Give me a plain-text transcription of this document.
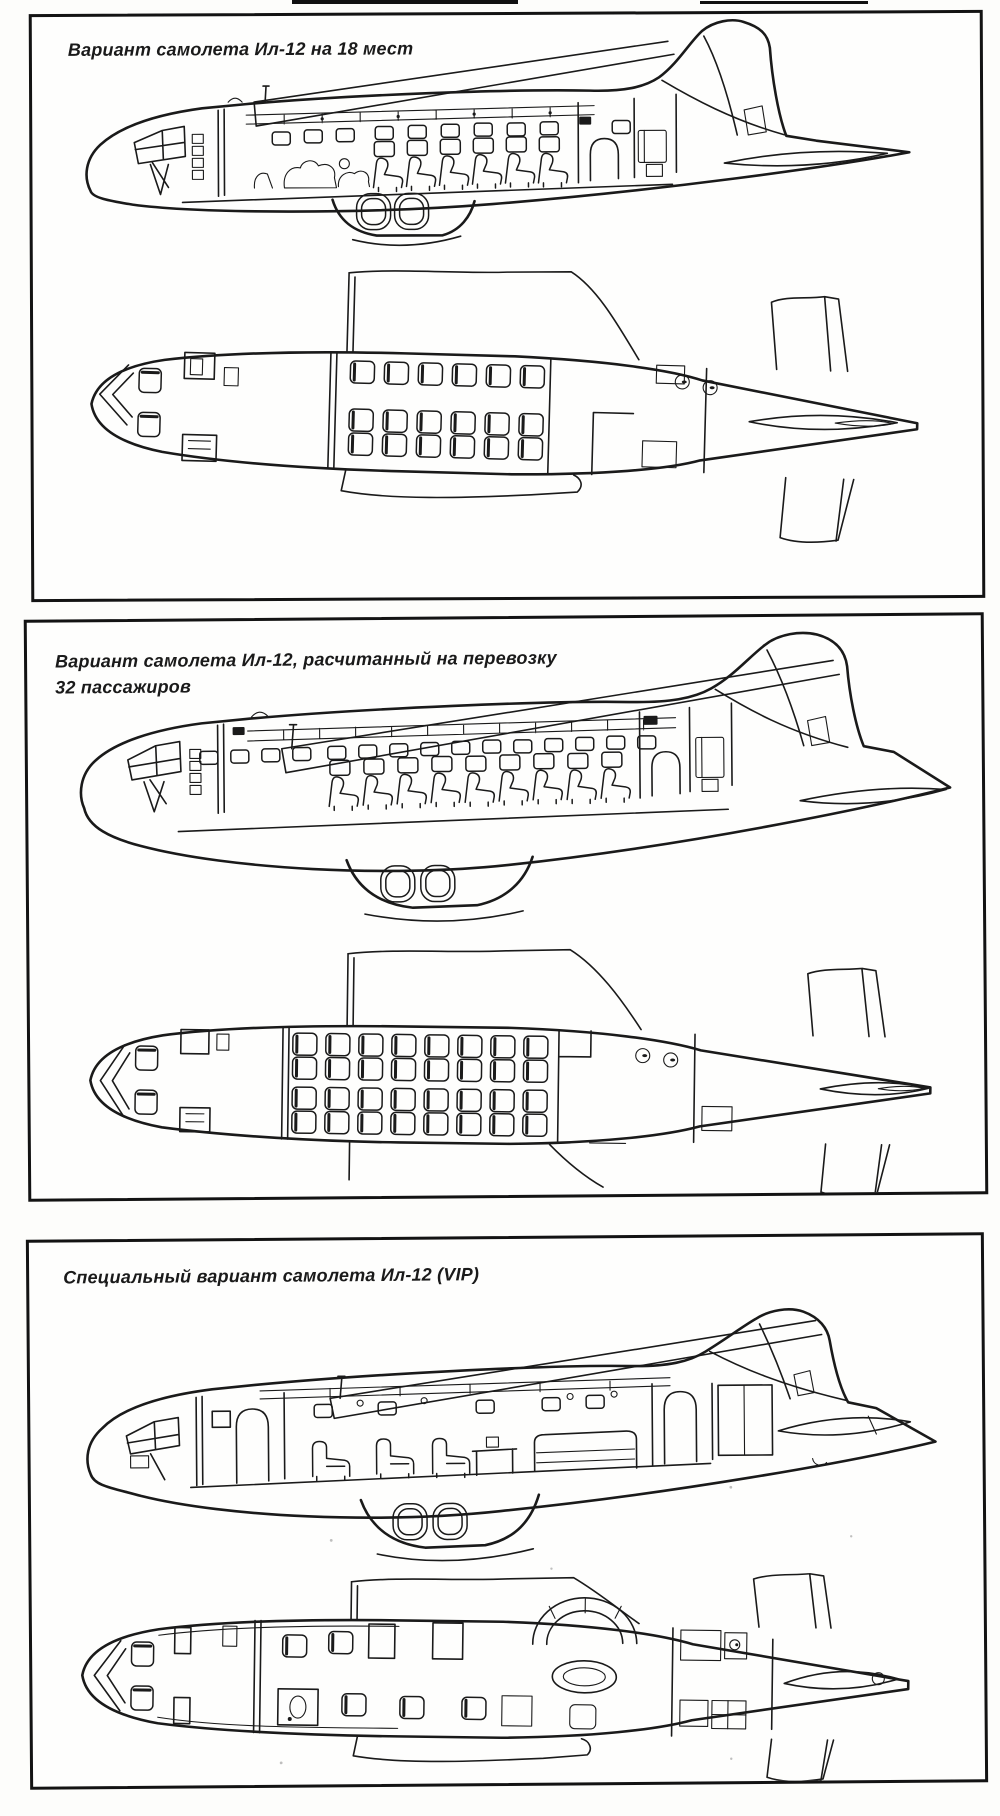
Вариант самолета Ил-12 на 18 мест
Вариант самолета Ил-12, расчитанный на перевозку
32 пассажиров
Специальный вариант самолета Ил-12 (VIP)
